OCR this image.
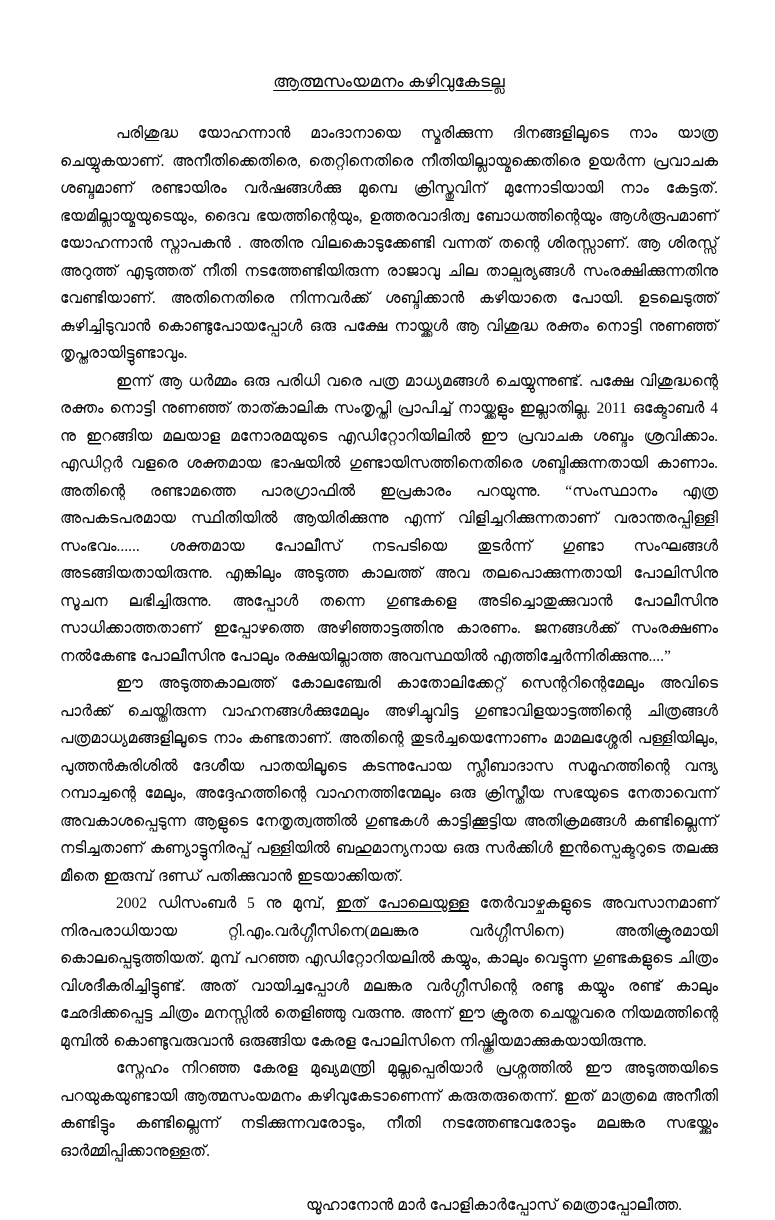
ആത്മസംയമനം കഴിവുകേടല്ല

പരിശുദ്ധ യോഹന്നാൻ മാംദാനായെ സ്മരിക്കുന്ന ദിനങ്ങളിലൂടെ നാം യാത്ര ചെയ്യുകയാണ്. അനീതിക്കെതിരെ, തെറ്റിനെതിരെ നീതിയില്ലായ്മക്കെതിരെ ഉയർന്ന പ്രവാചക ശബ്ദമാണ് രണ്ടായിരം വർഷങ്ങൾക്കു മുമ്പെ ക്രിസ്തുവിന് മുന്നോടിയായി നാം കേട്ടത്. ഭയമില്ലായ്മയുടെയും, ദൈവ ഭയത്തിന്റെയും, ഉത്തരവാദിത്വ ബോധത്തിന്റെയും ആൾരൂപമാണ് യോഹന്നാൻ സ്നാപകൻ . അതിനു വിലകൊടുക്കേണ്ടി വന്നത് തന്റെ ശിരസ്സാണ്. ആ ശിരസ്സ് അറുത്ത് എടുത്തത് നീതി നടത്തേണ്ടിയിരുന്ന രാജാവു ചില താല്പര്യങ്ങൾ സംരക്ഷിക്കുന്നതിനു വേണ്ടിയാണ്. അതിനെതിരെ നിന്നവർക്ക് ശബ്ദിക്കാൻ കഴിയാതെ പോയി. ഉടലെടുത്ത് കുഴിച്ചിടുവാൻ കൊണ്ടുപോയപ്പോൾ ഒരു പക്ഷേ നായ്ക്കൾ ആ വിശുദ്ധ രക്തം നൊട്ടി നുണഞ്ഞ് തൃപ്തരായിട്ടുണ്ടാവും.

ഇന്ന് ആ ധർമ്മം ഒരു പരിധി വരെ പത്ര മാധ്യമങ്ങൾ ചെയ്യുന്നുണ്ട്. പക്ഷേ വിശുദ്ധന്റെ രക്തം നൊട്ടി നുണഞ്ഞ് താത്കാലിക സംതൃപ്തി പ്രാപിച്ച് നായ്ക്കളും ഇല്ലാതില്ല. 2011 ഒക്ടോബർ 4 നു ഇറങ്ങിയ മലയാള മനോരമയുടെ എഡിറ്റോറിയിലിൽ ഈ പ്രവാചക ശബ്ദം ശ്രവിക്കാം. എഡിറ്റർ വളരെ ശക്തമായ ഭാഷയിൽ ഗുണ്ടായിസത്തിനെതിരെ ശബ്ദിക്കുന്നതായി കാണാം. അതിന്റെ രണ്ടാമത്തെ പാരഗ്രാഫിൽ ഇപ്രകാരം പറയുന്നു. “സംസ്ഥാനം എത്ര അപകടപരമായ സ്ഥിതിയിൽ ആയിരിക്കുന്നു എന്ന് വിളിച്ചറിക്കുന്നതാണ് വരാന്തരപ്പിള്ളി സംഭവം...... ശക്തമായ പോലീസ് നടപടിയെ തുടർന്ന് ഗുണ്ടാ സംഘങ്ങൾ അടങ്ങിയതായിരുന്നു. എങ്കിലും അടുത്ത കാലത്ത് അവ തലപൊക്കുന്നതായി പോലിസിനു സൂചന ലഭിച്ചിരുന്നു. അപ്പോൾ തന്നെ ഗുണ്ടകളെ അടിച്ചൊതുക്കുവാൻ പോലീസിനു സാധിക്കാത്തതാണ് ഇപ്പോഴത്തെ അഴിഞ്ഞാട്ടത്തിനു കാരണം. ജനങ്ങൾക്ക് സംരക്ഷണം നൽകേണ്ട പോലീസിനു പോലും രക്ഷയില്ലാത്ത അവസ്ഥയിൽ എത്തിച്ചേർന്നിരിക്കുന്നു....”

ഈ അടുത്തകാലത്ത് കോലഞ്ചേരി കാതോലിക്കേറ്റ് സെന്ററിന്റെമേലും അവിടെ പാർക്ക് ചെയ്തിരുന്ന വാഹനങ്ങൾക്കുമേലും അഴിച്ചുവിട്ട ഗുണ്ടാവിളയാട്ടത്തിന്റെ ചിത്രങ്ങൾ പത്രമാധ്യമങ്ങളിലൂടെ നാം കണ്ടതാണ്. അതിന്റെ തുടർച്ചയെന്നോണം മാമലശ്ശേരി പള്ളിയിലും, പുത്തൻകുരിശിൽ ദേശീയ പാതയിലൂടെ കടന്നുപോയ സ്ലീബാദാസ സമൂഹത്തിന്റെ വന്ദ്യ റമ്പാച്ചന്റെ മേലും, അദ്ദേഹത്തിന്റെ വാഹനത്തിന്മേലും ഒരു ക്രിസ്തീയ സഭയുടെ നേതാവെന്ന് അവകാശപ്പെടുന്ന ആളുടെ നേതൃത്വത്തിൽ ഗുണ്ടകൾ കാട്ടിക്കൂട്ടിയ അതിക്രമങ്ങൾ കണ്ടില്ലെന്ന് നടിച്ചതാണ് കണ്യാട്ടുനിരപ്പ് പള്ളിയിൽ ബഹുമാന്യനായ ഒരു സർക്കിൾ ഇൻസ്പെക്ടറുടെ തലക്കു മീതെ ഇരുമ്പ് ദണ്ഡ് പതിക്കുവാൻ ഇടയാക്കിയത്.

2002 ഡിസംബർ 5 നു മുമ്പ്, ഇത് പോലെയുള്ള തേർവാഴ്ചകളുടെ അവസാനമാണ് നിരപരാധിയായ റ്റി.എം.വർഗ്ഗീസിനെ(മലങ്കര വർഗ്ഗീസിനെ) അതിക്രൂരമായി കൊലപ്പെടുത്തിയത്. മുമ്പ് പറഞ്ഞ എഡിറ്റോറിയലിൽ കയ്യും, കാലും വെട്ടുന്ന ഗുണ്ടകളുടെ ചിത്രം വിശദീകരിച്ചിട്ടുണ്ട്. അത് വായിച്ചപ്പോൾ മലങ്കര വർഗ്ഗീസിന്റെ രണ്ടു കയ്യും രണ്ട് കാലും ഛേദിക്കപ്പെട്ട ചിത്രം മനസ്സിൽ തെളിഞ്ഞു വരുന്നു. അന്ന് ഈ ക്രൂരത ചെയ്തവരെ നിയമത്തിന്റെ മുമ്പിൽ കൊണ്ടുവരുവാൻ ഒരുങ്ങിയ കേരള പോലിസിനെ നിഷ്ക്രിയമാക്കുകയായിരുന്നു.

സ്നേഹം നിറഞ്ഞ കേരള മുഖ്യമന്ത്രി മുല്ലപ്പെരിയാർ പ്രശ്നത്തിൽ ഈ അടുത്തയിടെ പറയുകയുണ്ടായി ആത്മസംയമനം കഴിവുകേടാണെന്ന് കരുതരുതെന്ന്. ഇത് മാത്രമെ അനീതി കണ്ടിട്ടും കണ്ടില്ലെന്ന് നടിക്കുന്നവരോടും, നീതി നടത്തേണ്ടവരോടും മലങ്കര സഭയ്ക്കും ഓർമ്മിപ്പിക്കാനുള്ളത്.

യൂഹാനോൻ മാർ പോളികാർപ്പോസ് മെത്രാപ്പോലീത്ത.
